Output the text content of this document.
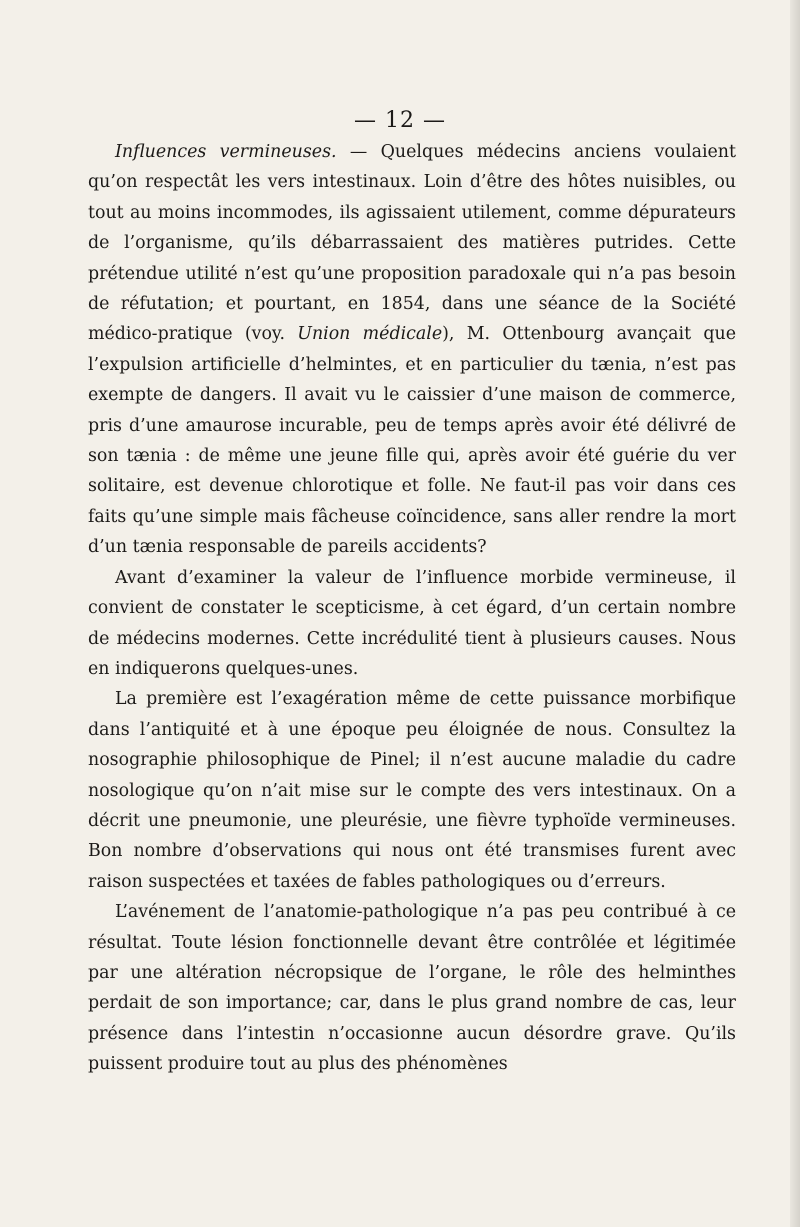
— 12 —

Influences vermineuses. — Quelques médecins anciens voulaient qu’on respectât les vers intestinaux. Loin d’être des hôtes nuisibles, ou tout au moins incommodes, ils agissaient utilement, comme dépurateurs de l’organisme, qu’ils débarrassaient des matières putrides. Cette prétendue utilité n’est qu’une proposition paradoxale qui n’a pas besoin de réfutation; et pourtant, en 1854, dans une séance de la Société médico-pratique (voy. Union médicale), M. Ottenbourg avançait que l’expulsion artificielle d’helmintes, et en particulier du tænia, n’est pas exempte de dangers. Il avait vu le caissier d’une maison de commerce, pris d’une amaurose incurable, peu de temps après avoir été délivré de son tænia : de même une jeune fille qui, après avoir été guérie du ver solitaire, est devenue chlorotique et folle. Ne faut-il pas voir dans ces faits qu’une simple mais fâcheuse coïncidence, sans aller rendre la mort d’un tænia responsable de pareils accidents?

Avant d’examiner la valeur de l’influence morbide vermineuse, il convient de constater le scepticisme, à cet égard, d’un certain nombre de médecins modernes. Cette incrédulité tient à plusieurs causes. Nous en indiquerons quelques-unes.

La première est l’exagération même de cette puissance morbifique dans l’antiquité et à une époque peu éloignée de nous. Consultez la nosographie philosophique de Pinel; il n’est aucune maladie du cadre nosologique qu’on n’ait mise sur le compte des vers intestinaux. On a décrit une pneumonie, une pleurésie, une fièvre typhoïde vermineuses. Bon nombre d’observations qui nous ont été transmises furent avec raison suspectées et taxées de fables pathologiques ou d’erreurs.

L’avénement de l’anatomie-pathologique n’a pas peu contribué à ce résultat. Toute lésion fonctionnelle devant être contrôlée et légitimée par une altération nécropsique de l’organe, le rôle des helminthes perdait de son importance; car, dans le plus grand nombre de cas, leur présence dans l’intestin n’occasionne aucun désordre grave. Qu’ils puissent produire tout au plus des phénomènes
